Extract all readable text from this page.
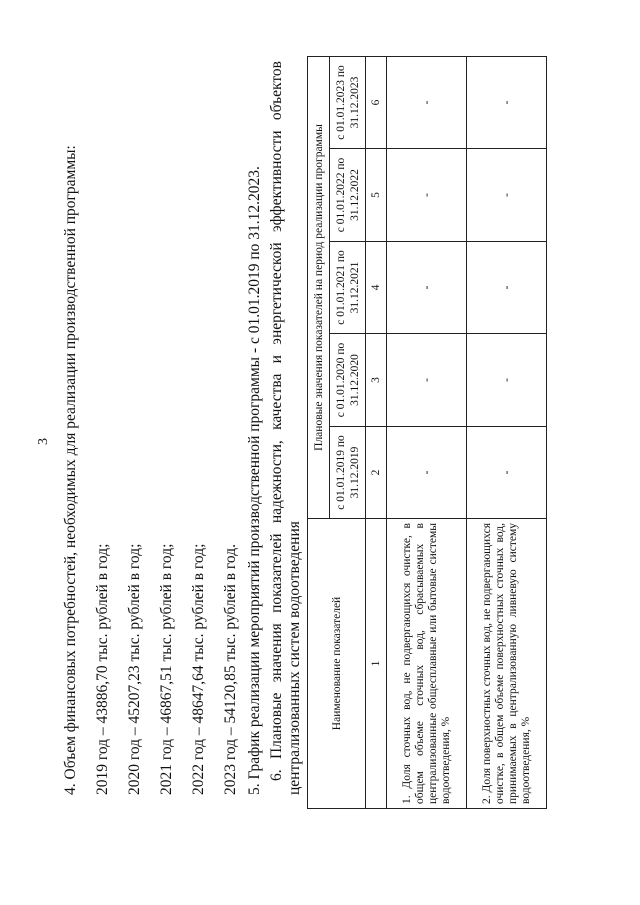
3 4. Объем финансовых потребностей, необходимых для реализации производственной программы: 2019 год – 43886,70 тыс. рублей в год; 2020 год – 45207,23 тыс. рублей в год; 2021 год – 46867,51 тыс. рублей в год; 2022 год – 48647,64 тыс. рублей в год; 2023 год – 54120,85 тыс. рублей в год. 5. График реализации мероприятий производственной программы - с 01.01.2019 по 31.12.2023. 6. Плановые значения показателей надежности, качества и энергетической эффективности объектов централизованных систем водоотведения Наименование показателей	Плановые значения показателей на период реализации программы				
	с 01.01.2019 по 31.12.2019	с 01.01.2020 по 31.12.2020	с 01.01.2021 по 31.12.2021	с 01.01.2022 по 31.12.2022	с 01.01.2023 по 31.12.2023
1	2	3	4	5	6
1. Доля сточных вод, не подвергающихся очистке, в общем объеме сточных вод, сбрасываемых в централизованные общесплавные или бытовые системы водоотведения, %	-	-	-	-	-
2. Доля поверхностных сточных вод, не подвергающихся очистке, в общем объеме поверхностных сточных вод, принимаемых в централизованную ливневую систему водоотведения, %	-	-	-	-	-
